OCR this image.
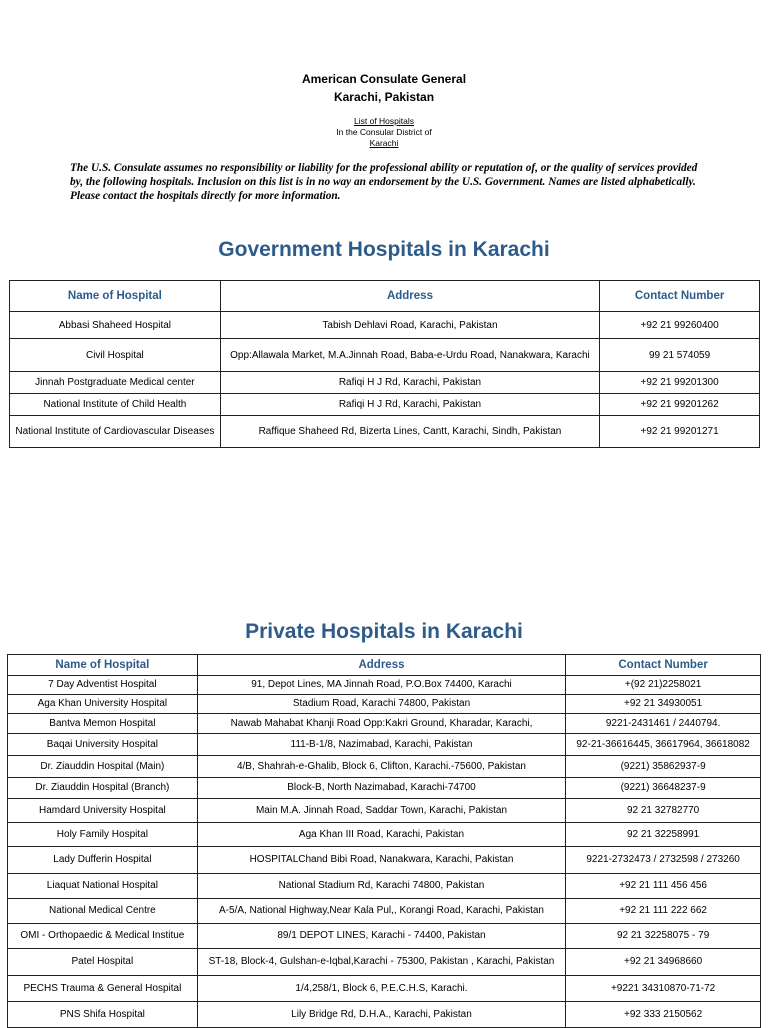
American Consulate General
Karachi, Pakistan
List of Hospitals
In the Consular District of
Karachi
The U.S. Consulate assumes no responsibility or liability for the professional ability or reputation of, or the quality of services provided by, the following hospitals. Inclusion on this list is in no way an endorsement by the U.S. Government. Names are listed alphabetically. Please contact the hospitals directly for more information.
Government Hospitals in Karachi
Name of Hospital	Address	Contact Number
Abbasi Shaheed Hospital	Tabish Dehlavi Road, Karachi, Pakistan	+92 21 99260400
Civil Hospital	Opp:Allawala Market, M.A.Jinnah Road, Baba-e-Urdu Road, Nanakwara, Karachi	99 21 574059
Jinnah Postgraduate Medical center	Rafiqi H J Rd, Karachi, Pakistan	+92 21 99201300
National Institute of Child Health	Rafiqi H J Rd, Karachi, Pakistan	+92 21 99201262
National Institute of Cardiovascular Diseases	Raffique Shaheed Rd, Bizerta Lines, Cantt, Karachi, Sindh, Pakistan	+92 21 99201271
Private Hospitals in Karachi
Name of Hospital	Address	Contact Number
7 Day Adventist Hospital	91, Depot Lines, MA Jinnah Road, P.O.Box 74400, Karachi	+(92 21)2258021
Aga Khan University Hospital	Stadium Road, Karachi 74800, Pakistan	+92 21 34930051
Bantva Memon Hospital	Nawab Mahabat Khanji Road Opp:Kakri Ground, Kharadar, Karachi,	9221-2431461 / 2440794.
Baqai University Hospital	111-B-1/8, Nazimabad, Karachi, Pakistan	92-21-36616445, 36617964, 36618082
Dr. Ziauddin Hospital (Main)	4/B, Shahrah-e-Ghalib, Block 6, Clifton, Karachi.-75600, Pakistan	(9221) 35862937-9
Dr. Ziauddin Hospital (Branch)	Block-B, North Nazimabad, Karachi-74700	(9221) 36648237-9
Hamdard University Hospital	Main M.A. Jinnah Road, Saddar Town, Karachi, Pakistan	92 21 32782770
Holy Family Hospital	Aga Khan III Road, Karachi, Pakistan	92 21 32258991
Lady Dufferin Hospital	HOSPITALChand Bibi Road, Nanakwara, Karachi, Pakistan	9221-2732473 / 2732598 / 273260
Liaquat National Hospital	National Stadium Rd, Karachi 74800, Pakistan	+92 21 111 456 456
National Medical Centre	A-5/A, National Highway,Near Kala Pul,, Korangi Road, Karachi, Pakistan	+92 21 111 222 662
OMI - Orthopaedic & Medical Institue	89/1 DEPOT LINES, Karachi - 74400, Pakistan	92 21 32258075 - 79
Patel Hospital	ST-18, Block-4, Gulshan-e-Iqbal,Karachi - 75300, Pakistan , Karachi, Pakistan	+92 21 34968660
PECHS Trauma & General Hospital	1/4,258/1, Block 6, P.E.C.H.S, Karachi.	+9221 34310870-71-72
PNS Shifa Hospital	Lily Bridge Rd, D.H.A., Karachi, Pakistan	+92 333 2150562
